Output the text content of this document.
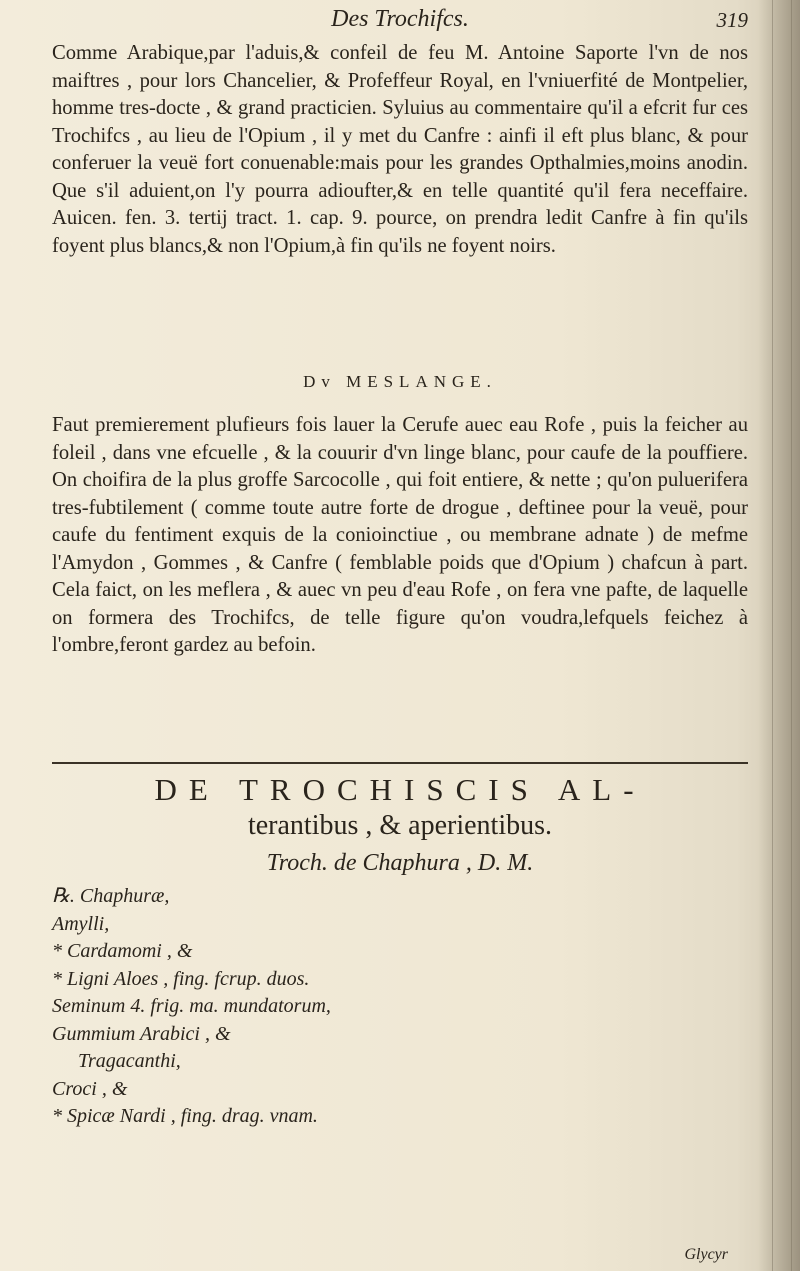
Des Trochifcs.	319

Comme Arabique,par l'aduis,& confeil de feu M. Antoine Saporte l'vn de nos maiftres , pour lors Chancelier, & Profeffeur Royal, en l'vniuerfité de Montpelier, homme tres-docte , & grand practicien. Syluius au commentaire qu'il a efcrit fur ces Trochifcs , au lieu de l'Opium , il y met du Canfre : ainfi il eft plus blanc, & pour conferuer la veuë fort conuenable:mais pour les grandes Opthalmies,moins anodin. Que s'il aduient,on l'y pourra adioufter,& en telle quantité qu'il fera neceffaire. Auicen. fen. 3. tertij tract. 1. cap. 9. pource, on prendra ledit Canfre à fin qu'ils foyent plus blancs,& non l'Opium,à fin qu'ils ne foyent noirs.

Dv MESLANGE.

Faut premierement plufieurs fois lauer la Cerufe auec eau Rofe , puis la feicher au foleil , dans vne efcuelle , & la couurir d'vn linge blanc, pour caufe de la pouffiere. On choifira de la plus groffe Sarcocolle , qui foit entiere, & nette ; qu'on puluerifera tres-fubtilement ( comme toute autre forte de drogue , deftinee pour la veuë, pour caufe du fentiment exquis de la conioinctiue , ou membrane adnate ) de mefme l'Amydon , Gommes , & Canfre ( femblable poids que d'Opium ) chafcun à part. Cela faict, on les meflera , & auec vn peu d'eau Rofe , on fera vne pafte, de laquelle on formera des Trochifcs, de telle figure qu'on voudra,lefquels feichez à l'ombre,feront gardez au befoin.

DE TROCHISCIS AL-
terantibus , & aperientibus.
Troch. de Chaphura , D. M.
℞. Chaphuræ,
Amylli,
* Cardamomi , &
* Ligni Aloes , fing. fcrup. duos.
Seminum 4. frig. ma. mundatorum,
Gummium Arabici , &
Tragacanthi,
Croci , &
* Spicæ Nardi , fing. drag. vnam.
Glycyr
